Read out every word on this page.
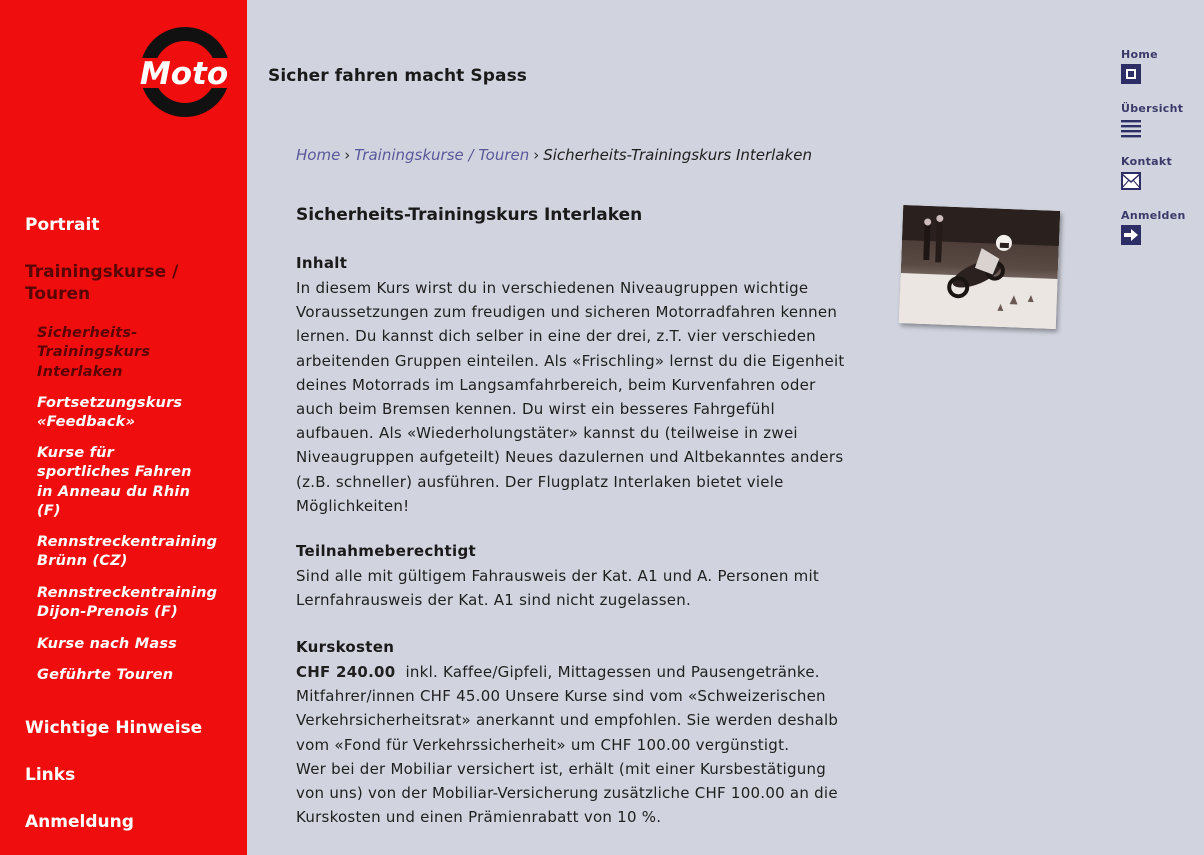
Moto
Portrait
Trainingskurse /
Touren
Sicherheits-
Trainingskurs
Interlaken
Fortsetzungskurs
«Feedback»
Kurse für
sportliches Fahren
in Anneau du Rhin
(F)
Rennstreckentraining
Brünn (CZ)
Rennstreckentraining
Dijon-Prenois (F)
Kurse nach Mass
Geführte Touren
Wichtige Hinweise
Links
Anmeldung
Sicher fahren macht Spass
Home › Trainingskurse / Touren › Sicherheits-Trainingskurs Interlaken
Sicherheits-Trainingskurs Interlaken
Inhalt
In diesem Kurs wirst du in verschiedenen Niveaugruppen wichtige
Voraussetzungen zum freudigen und sicheren Motorradfahren kennen
lernen. Du kannst dich selber in eine der drei, z.T. vier verschieden
arbeitenden Gruppen einteilen. Als «Frischling» lernst du die Eigenheit
deines Motorrads im Langsamfahrbereich, beim Kurvenfahren oder
auch beim Bremsen kennen. Du wirst ein besseres Fahrgefühl
aufbauen. Als «Wiederholungstäter» kannst du (teilweise in zwei
Niveaugruppen aufgeteilt) Neues dazulernen und Altbekanntes anders
(z.B. schneller) ausführen. Der Flugplatz Interlaken bietet viele
Möglichkeiten!
Teilnahmeberechtigt
Sind alle mit gültigem Fahrausweis der Kat. A1 und A. Personen mit
Lernfahrausweis der Kat. A1 sind nicht zugelassen.
Kurskosten
CHF 240.00 inkl. Kaffee/Gipfeli, Mittagessen und Pausengetränke.
Mitfahrer/innen CHF 45.00 Unsere Kurse sind vom «Schweizerischen
Verkehrsicherheitsrat» anerkannt und empfohlen. Sie werden deshalb
vom «Fond für Verkehrssicherheit» um CHF 100.00 vergünstigt.
Wer bei der Mobiliar versichert ist, erhält (mit einer Kursbestätigung
von uns) von der Mobiliar-Versicherung zusätzliche CHF 100.00 an die
Kurskosten und einen Prämienrabatt von 10 %.
Home
Übersicht
Kontakt
Anmelden
